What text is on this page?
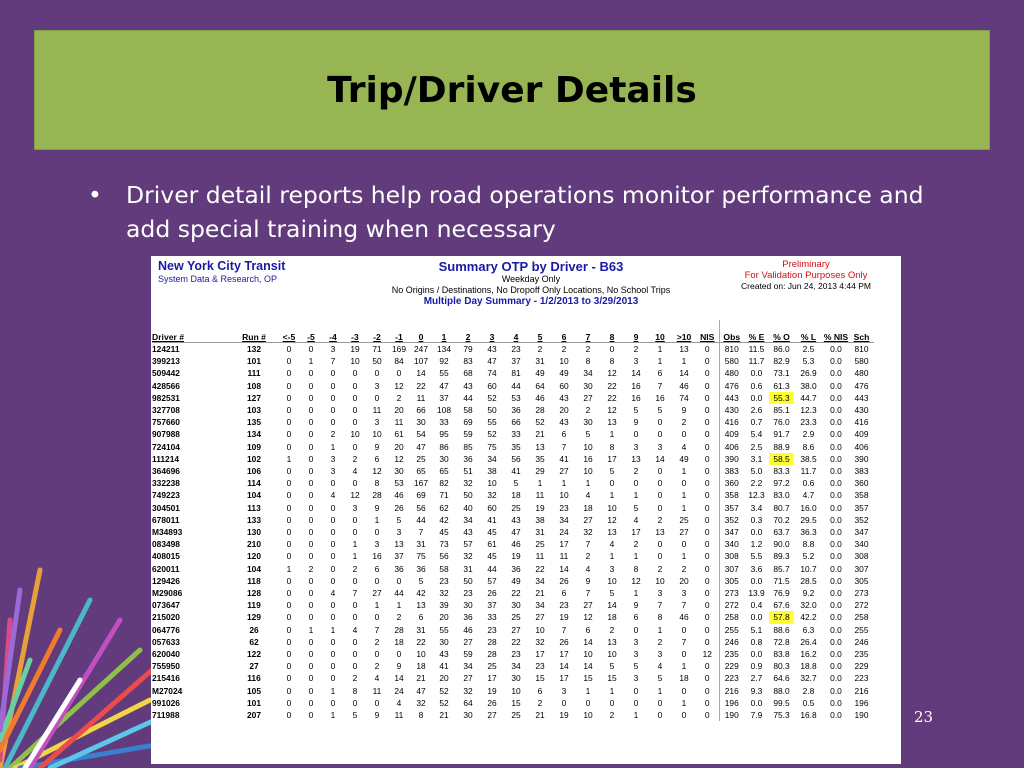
Trip/Driver Details
• Driver detail reports help road operations monitor performance and add special training when necessary
New York City Transit
System Data & Research, OP
Summary OTP by Driver - B63
Weekday Only
No Origins / Destinations, No Dropoff Only Locations, No School Trips
Multiple Day Summary - 1/2/2013 to 3/29/2013
Preliminary
For Validation Purposes Only
Created on: Jun 24, 2013 4:44 PM
Driver #	Run #	<-5	-5	-4	-3	-2	-1	0	1	2	3	4	5	6	7	8	9	10	>10	NIS	Obs	% E	% O	% L	% NIS	Sch
124211	132	0	0	3	19	71	169	247	134	79	43	23	2	2	2	0	2	1	13	0	810	11.5	86.0	2.5	0.0	810
399213	101	0	1	7	10	50	84	107	92	83	47	37	31	10	8	8	3	1	1	0	580	11.7	82.9	5.3	0.0	580
509442	111	0	0	0	0	0	0	14	55	68	74	81	49	49	34	12	14	6	14	0	480	0.0	73.1	26.9	0.0	480
428566	108	0	0	0	0	3	12	22	47	43	60	44	64	60	30	22	16	7	46	0	476	0.6	61.3	38.0	0.0	476
982531	127	0	0	0	0	0	2	11	37	44	52	53	46	43	27	22	16	16	74	0	443	0.0	55.3	44.7	0.0	443
327708	103	0	0	0	0	11	20	66	108	58	50	36	28	20	2	12	5	5	9	0	430	2.6	85.1	12.3	0.0	430
757660	135	0	0	0	0	3	11	30	33	69	55	66	52	43	30	13	9	0	2	0	416	0.7	76.0	23.3	0.0	416
907988	134	0	0	2	10	10	61	54	95	59	52	33	21	6	5	1	0	0	0	0	409	5.4	91.7	2.9	0.0	409
724104	109	0	0	1	0	9	20	47	86	85	75	35	13	7	10	8	3	3	4	0	406	2.5	88.9	8.6	0.0	406
111214	102	1	0	3	2	6	12	25	30	36	34	56	35	41	16	17	13	14	49	0	390	3.1	58.5	38.5	0.0	390
364696	106	0	0	3	4	12	30	65	65	51	38	41	29	27	10	5	2	0	1	0	383	5.0	83.3	11.7	0.0	383
332238	114	0	0	0	0	8	53	167	82	32	10	5	1	1	1	0	0	0	0	0	360	2.2	97.2	0.6	0.0	360
749223	104	0	0	4	12	28	46	69	71	50	32	18	11	10	4	1	1	0	1	0	358	12.3	83.0	4.7	0.0	358
304501	113	0	0	0	3	9	26	56	62	40	60	25	19	23	18	10	5	0	1	0	357	3.4	80.7	16.0	0.0	357
678011	133	0	0	0	0	1	5	44	42	34	41	43	38	34	27	12	4	2	25	0	352	0.3	70.2	29.5	0.0	352
M34893	130	0	0	0	0	0	3	7	45	43	45	47	31	24	32	13	17	13	27	0	347	0.0	63.7	36.3	0.0	347
083498	210	0	0	0	1	3	13	31	73	57	61	46	25	17	7	4	2	0	0	0	340	1.2	90.0	8.8	0.0	340
408015	120	0	0	0	1	16	37	75	56	32	45	19	11	11	2	1	1	0	1	0	308	5.5	89.3	5.2	0.0	308
620011	104	1	2	0	2	6	36	36	58	31	44	36	22	14	4	3	8	2	2	0	307	3.6	85.7	10.7	0.0	307
129426	118	0	0	0	0	0	0	5	23	50	57	49	34	26	9	10	12	10	20	0	305	0.0	71.5	28.5	0.0	305
M29086	128	0	0	4	7	27	44	42	32	23	26	22	21	6	7	5	1	3	3	0	273	13.9	76.9	9.2	0.0	273
073647	119	0	0	0	0	1	1	13	39	30	37	30	34	23	27	14	9	7	7	0	272	0.4	67.6	32.0	0.0	272
215020	129	0	0	0	0	0	2	6	20	36	33	25	27	19	12	18	6	8	46	0	258	0.0	57.8	42.2	0.0	258
064776	26	0	1	1	4	7	28	31	55	46	23	27	10	7	6	2	0	1	0	0	255	5.1	88.6	6.3	0.0	255
057633	62	0	0	0	0	2	18	22	30	27	28	22	32	26	14	13	3	2	7	0	246	0.8	72.8	26.4	0.0	246
620040	122	0	0	0	0	0	0	10	43	59	28	23	17	17	10	10	3	3	0	12	235	0.0	83.8	16.2	0.0	235
755950	27	0	0	0	0	2	9	18	41	34	25	34	23	14	14	5	5	4	1	0	229	0.9	80.3	18.8	0.0	229
215416	116	0	0	0	2	4	14	21	20	27	17	30	15	17	15	15	3	5	18	0	223	2.7	64.6	32.7	0.0	223
M27024	105	0	0	1	8	11	24	47	52	32	19	10	6	3	1	1	0	1	0	0	216	9.3	88.0	2.8	0.0	216
991026	101	0	0	0	0	0	4	32	52	64	26	15	2	0	0	0	0	0	1	0	196	0.0	99.5	0.5	0.0	196
711988	207	0	0	1	5	9	11	8	21	30	27	25	21	19	10	2	1	0	0	0	190	7.9	75.3	16.8	0.0	190	23
